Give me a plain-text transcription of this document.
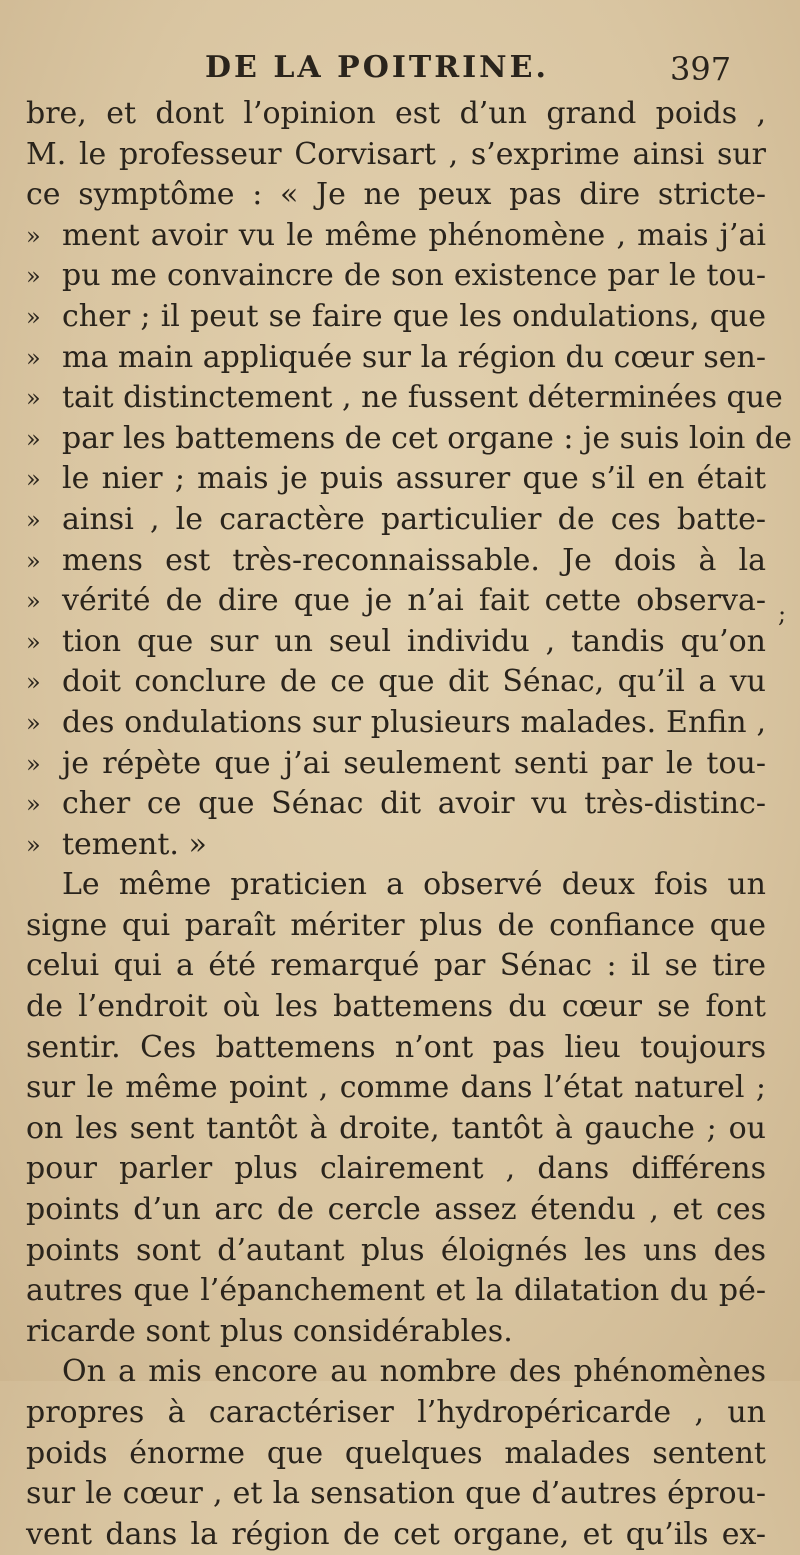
DE LA POITRINE.	397
bre, et dont l’opinion est d’un grand poids ,
M. le professeur Corvisart , s’exprime ainsi sur
ce symptôme : « Je ne peux pas dire stricte-
» ment avoir vu le même phénomène , mais j’ai
» pu me convaincre de son existence par le tou-
» cher ; il peut se faire que les ondulations, que
» ma main appliquée sur la région du cœur sen-
» tait distinctement , ne fussent déterminées que
» par les battemens de cet organe : je suis loin de
» le nier ; mais je puis assurer que s’il en était
» ainsi , le caractère particulier de ces batte-
» mens est très-reconnaissable. Je dois à la
» vérité de dire que je n’ai fait cette observa-
» tion que sur un seul individu , tandis qu’on
» doit conclure de ce que dit Sénac, qu’il a vu
» des ondulations sur plusieurs malades. Enfin ,
» je répète que j’ai seulement senti par le tou-
» cher ce que Sénac dit avoir vu très-distinc-
» tement. »
Le même praticien a observé deux fois un
signe qui paraît mériter plus de confiance que
celui qui a été remarqué par Sénac : il se tire
de l’endroit où les battemens du cœur se font
sentir. Ces battemens n’ont pas lieu toujours
sur le même point , comme dans l’état naturel ;
on les sent tantôt à droite, tantôt à gauche ; ou
pour parler plus clairement , dans différens
points d’un arc de cercle assez étendu , et ces
points sont d’autant plus éloignés les uns des
autres que l’épanchement et la dilatation du pé-
ricarde sont plus considérables.
On a mis encore au nombre des phénomènes
propres à caractériser l’hydropéricarde , un
poids énorme que quelques malades sentent
sur le cœur , et la sensation que d’autres éprou-
vent dans la région de cet organe, et qu’ils ex-
;
